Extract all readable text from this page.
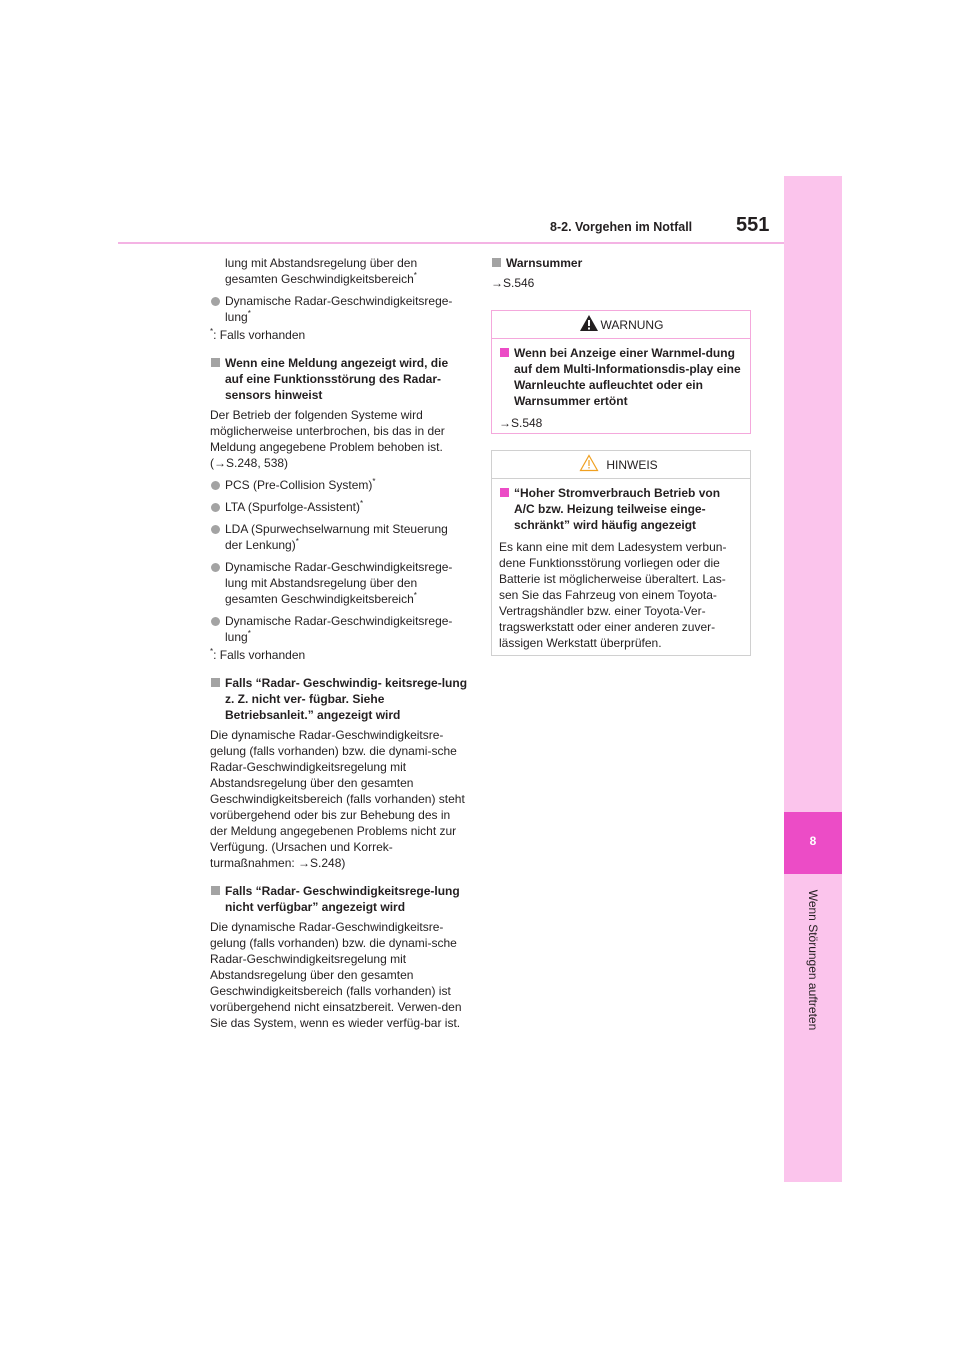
8
Wenn Störungen auftreten
8-2. Vorgehen im Notfall 551

lung mit Abstandsregelung über den
gesamten Geschwindigkeitsbereich*

Dynamische Radar-Geschwindigkeitsrege-
lung*

*: Falls vorhanden

Wenn eine Meldung angezeigt wird, die auf eine Funktionsstörung des Radar-sensors hinweist

Der Betrieb der folgenden Systeme wird möglicherweise unterbrochen, bis das in der Meldung angegebene Problem behoben ist. (→S.248, 538)

PCS (Pre-Collision System)*
LTA (Spurfolge-Assistent)*
LDA (Spurwechselwarnung mit Steuerung der Lenkung)*
Dynamische Radar-Geschwindigkeitsrege-lung mit Abstandsregelung über den gesamten Geschwindigkeitsbereich*
Dynamische Radar-Geschwindigkeitsrege-lung*

*: Falls vorhanden

Falls “Radar- Geschwindig- keitsrege-lung z. Z. nicht ver- fügbar. Siehe Betriebsanleit.” angezeigt wird

Die dynamische Radar-Geschwindigkeitsre-gelung (falls vorhanden) bzw. die dynami-sche Radar-Geschwindigkeitsregelung mit Abstandsregelung über den gesamten Geschwindigkeitsbereich (falls vorhanden) steht vorübergehend oder bis zur Behebung des in der Meldung angegebenen Problems nicht zur Verfügung. (Ursachen und Korrek-turmaßnahmen: →S.248)

Falls “Radar- Geschwindigkeitsrege-lung nicht verfügbar” angezeigt wird

Die dynamische Radar-Geschwindigkeitsre-gelung (falls vorhanden) bzw. die dynami-sche Radar-Geschwindigkeitsregelung mit Abstandsregelung über den gesamten Geschwindigkeitsbereich (falls vorhanden) ist vorübergehend nicht einsatzbereit. Verwen-den Sie das System, wenn es wieder verfüg-bar ist.

Warnsummer

→S.546

WARNUNG
Wenn bei Anzeige einer Warnmel-dung auf dem Multi-Informationsdis-play eine Warnleuchte aufleuchtet oder ein Warnsummer ertönt

→S.548

HINWEIS
“Hoher Stromverbrauch Betrieb von A/C bzw. Heizung teilweise einge-schränkt” wird häufig angezeigt

Es kann eine mit dem Ladesystem verbun-dene Funktionsstörung vorliegen oder die Batterie ist möglicherweise überaltert. Las-sen Sie das Fahrzeug von einem Toyota-Vertragshändler bzw. einer Toyota-Ver-tragswerkstatt oder einer anderen zuver-lässigen Werkstatt überprüfen.
